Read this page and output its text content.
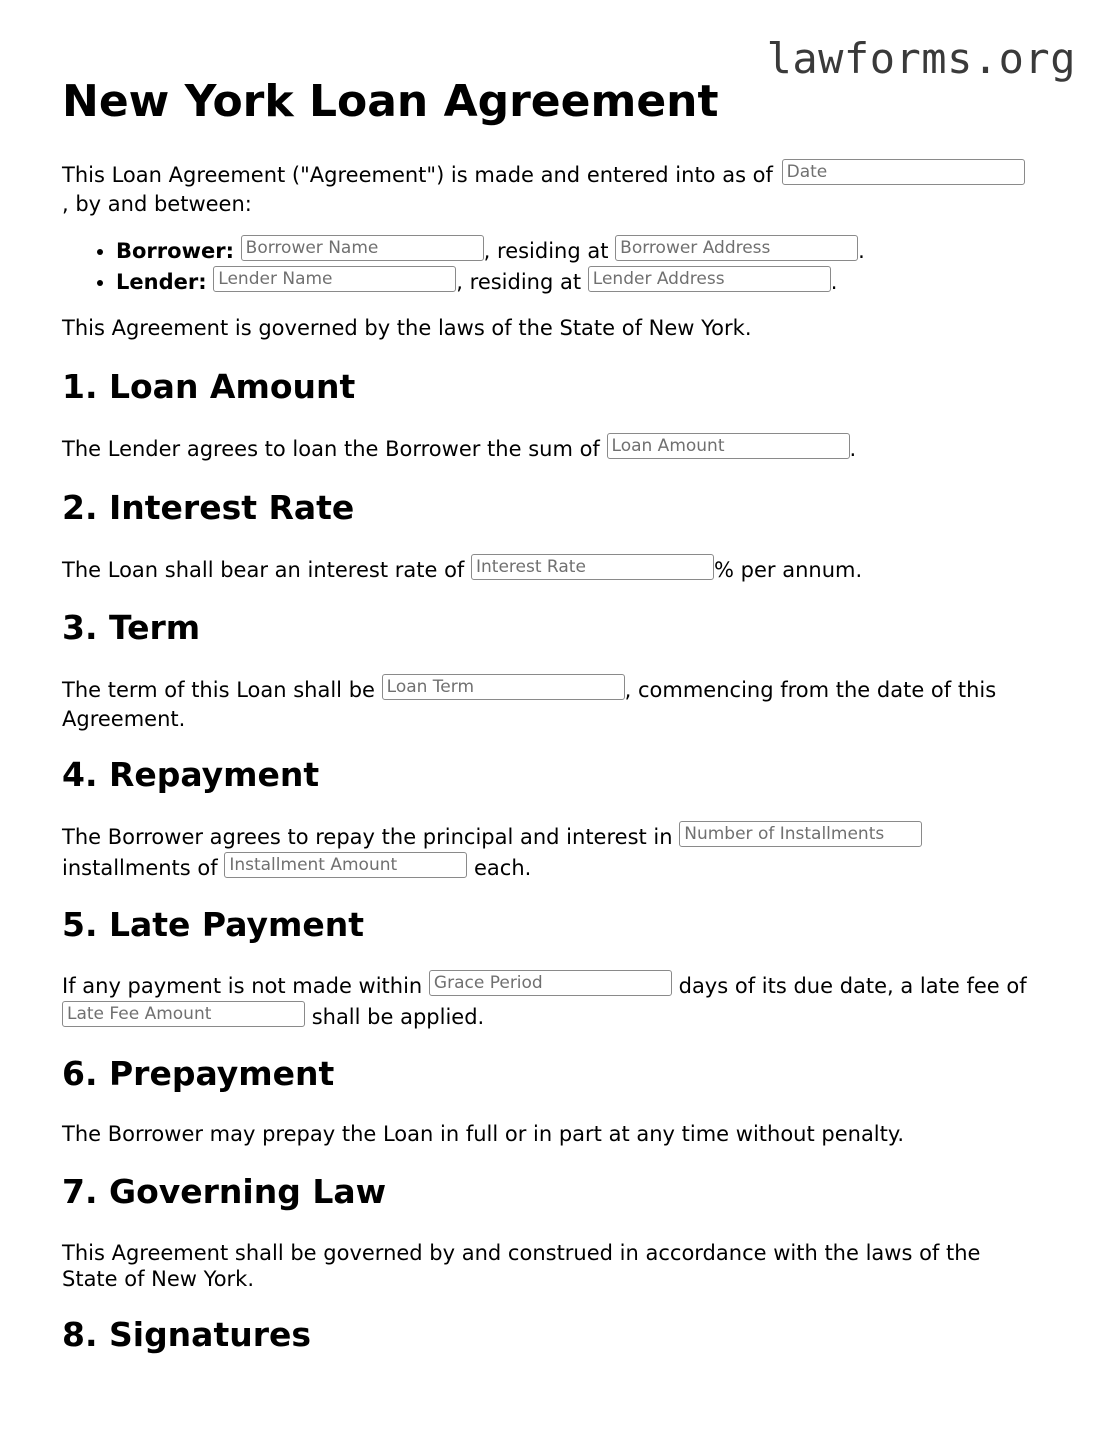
lawforms.org
New York Loan Agreement

This Loan Agreement ("Agreement") is made and entered into as of Date
, by and between:

• Borrower: Borrower Name	, residing at Borrower Address	.
• Lender: Lender Name	, residing at Lender Address	.

This Agreement is governed by the laws of the State of New York.

1. Loan Amount

The Lender agrees to loan the Borrower the sum of Loan Amount	.

2. Interest Rate

The Loan shall bear an interest rate of Interest Rate	% per annum.

3. Term

The term of this Loan shall be Loan Term	, commencing from the date of this Agreement.

4. Repayment

The Borrower agrees to repay the principal and interest in Number of Installments installments of Installment Amount	each.

5. Late Payment

If any payment is not made within Grace Period	days of its due date, a late fee of Late Fee Amount	shall be applied.

6. Prepayment

The Borrower may prepay the Loan in full or in part at any time without penalty.

7. Governing Law

This Agreement shall be governed by and construed in accordance with the laws of the State of New York.

8. Signatures
